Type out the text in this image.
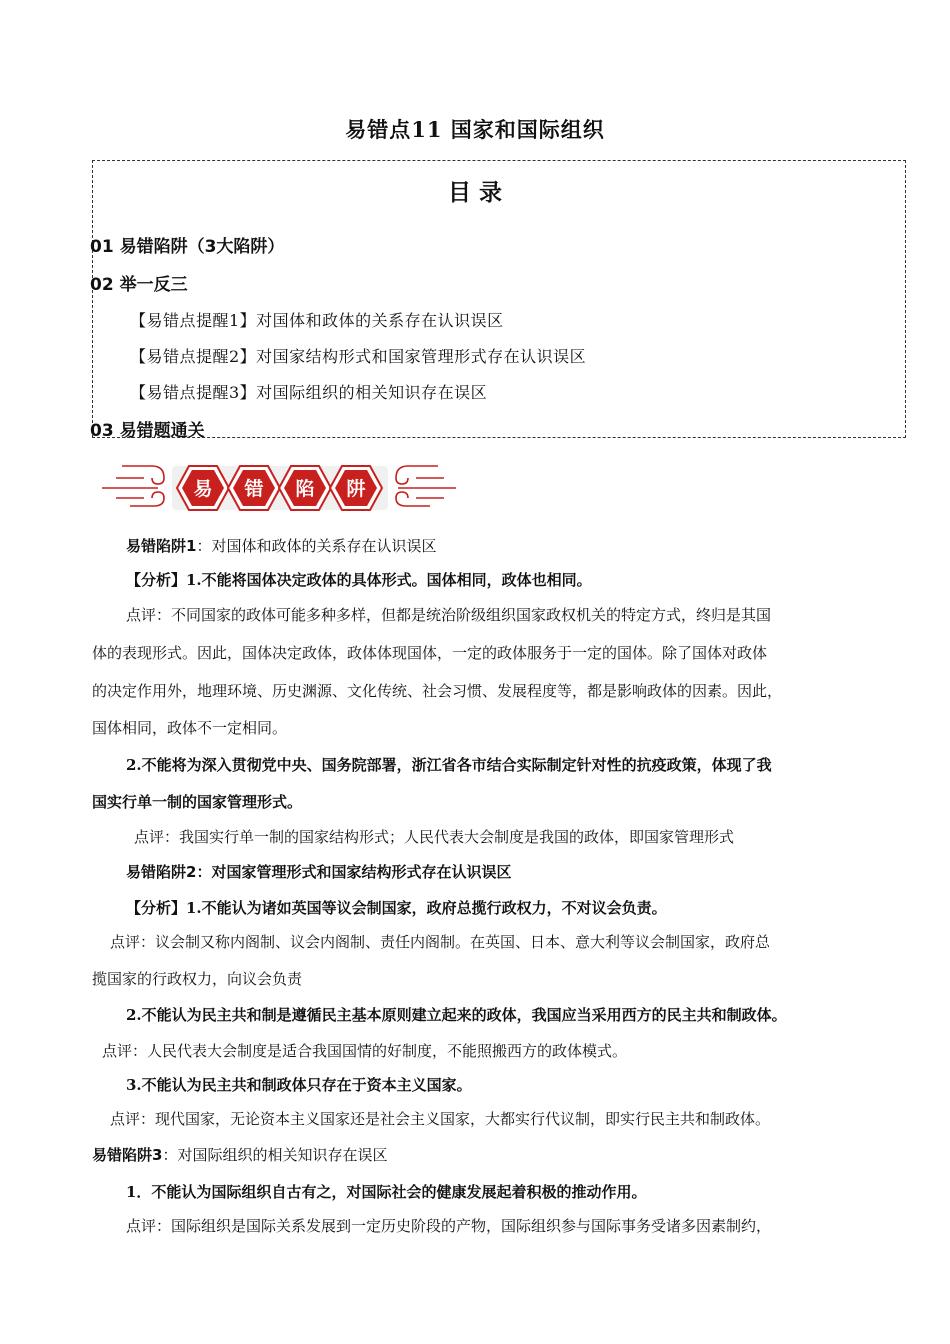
易错点11 国家和国际组织
目 录
01 易错陷阱（3大陷阱）
02 举一反三
【易错点提醒1】对国体和政体的关系存在认识误区
【易错点提醒2】对国家结构形式和国家管理形式存在认识误区
【易错点提醒3】对国际组织的相关知识存在误区
03 易错题通关
易 错 陷 阱
易错陷阱1：对国体和政体的关系存在认识误区
【分析】1.不能将国体决定政体的具体形式。国体相同，政体也相同。
点评：不同国家的政体可能多种多样，但都是统治阶级组织国家政权机关的特定方式，终归是其国
体的表现形式。因此，国体决定政体，政体体现国体，一定的政体服务于一定的国体。除了国体对政体
的决定作用外，地理环境、历史渊源、文化传统、社会习惯、发展程度等，都是影响政体的因素。因此，
国体相同，政体不一定相同。
2.不能将为深入贯彻党中央、国务院部署，浙江省各市结合实际制定针对性的抗疫政策，体现了我
国实行单一制的国家管理形式。
点评：我国实行单一制的国家结构形式；人民代表大会制度是我国的政体，即国家管理形式
易错陷阱2：对国家管理形式和国家结构形式存在认识误区
【分析】1.不能认为诸如英国等议会制国家，政府总揽行政权力，不对议会负责。
点评：议会制又称内阁制、议会内阁制、责任内阁制。在英国、日本、意大利等议会制国家，政府总
揽国家的行政权力，向议会负责
2.不能认为民主共和制是遵循民主基本原则建立起来的政体，我国应当采用西方的民主共和制政体。
点评：人民代表大会制度是适合我国国情的好制度，不能照搬西方的政体模式。
3.不能认为民主共和制政体只存在于资本主义国家。
点评：现代国家，无论资本主义国家还是社会主义国家，大都实行代议制，即实行民主共和制政体。
易错陷阱3：对国际组织的相关知识存在误区
1．不能认为国际组织自古有之，对国际社会的健康发展起着积极的推动作用。
点评：国际组织是国际关系发展到一定历史阶段的产物，国际组织参与国际事务受诸多因素制约，
